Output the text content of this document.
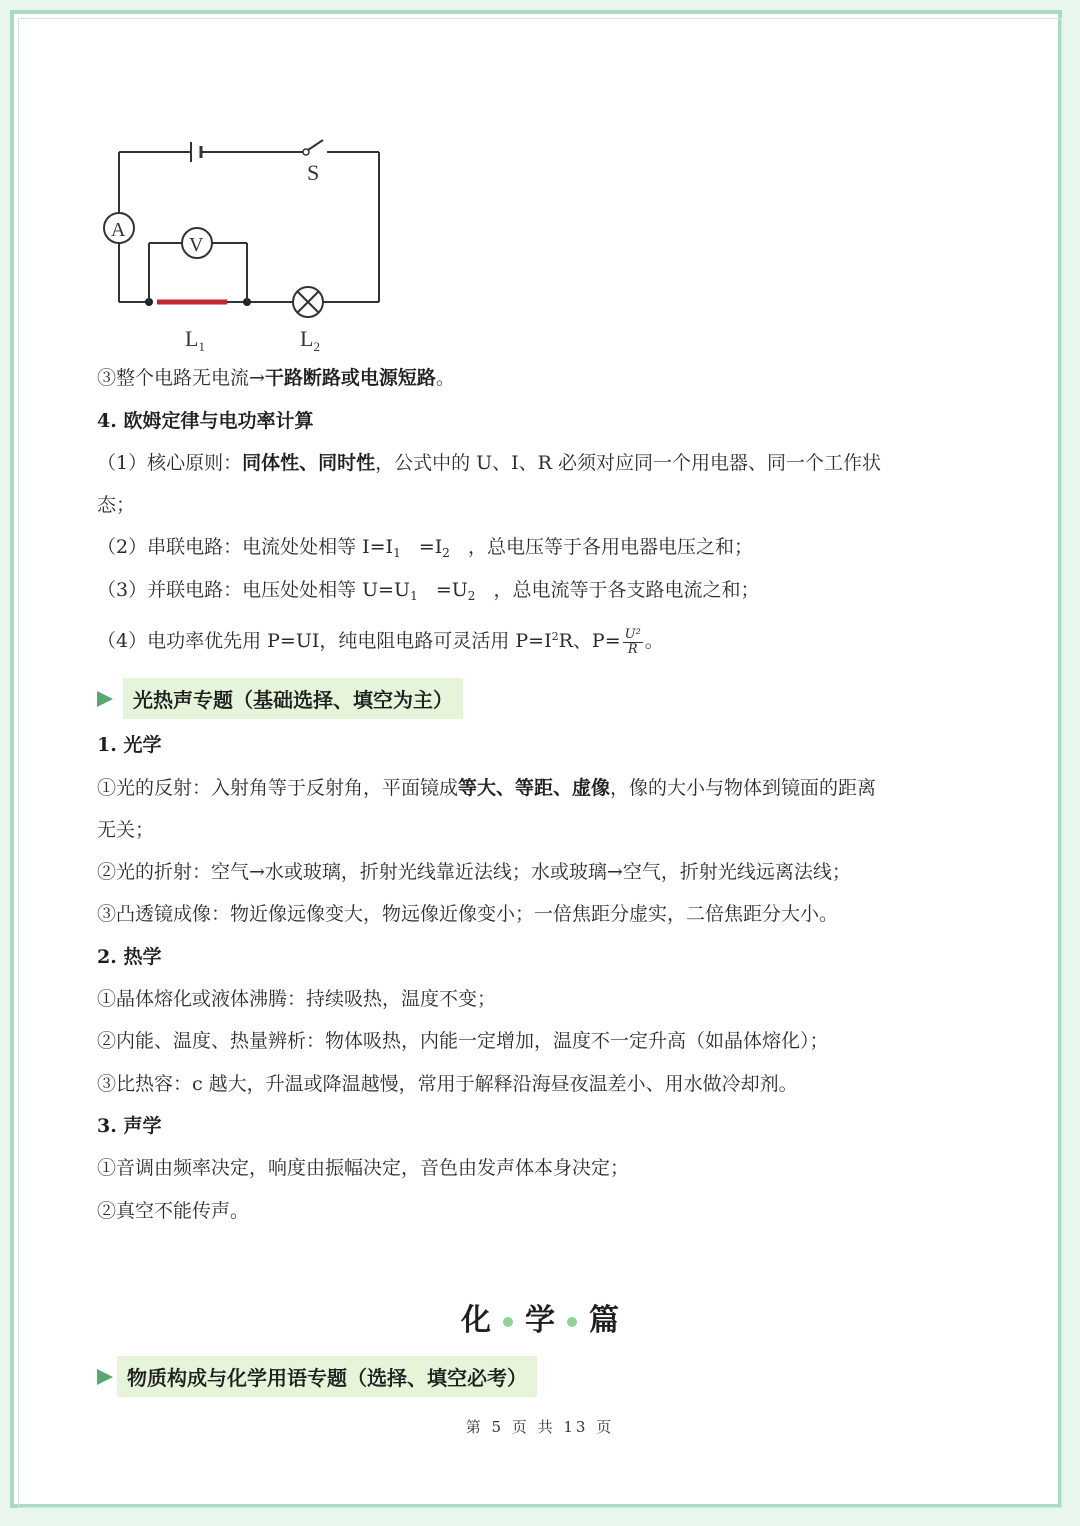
S
A
V
$L_1$	$L_2$
③整个电路无电流→干路断路或电源短路。
4. 欧姆定律与电功率计算
（1）核心原则：同体性、同时性，公式中的 U、I、R 必须对应同一个用电器、同一个工作状
态；
（2）串联电路：电流处处相等 $I=I_1 =I_2$ ，总电压等于各用电器电压之和；
（3）并联电路：电压处处相等 $U=U_1 =U_2$ ，总电流等于各支路电流之和；
（4）电功率优先用 P=UI，纯电阻电路可灵活用 $P=I^2R$、$P= \frac{\text{U²}}{R}$ 。
光热声专题（基础选择、填空为主）
1. 光学
①光的反射：入射角等于反射角，平面镜成等大、等距、虚像，像的大小与物体到镜面的距离
无关；
②光的折射：空气→水或玻璃，折射光线靠近法线；水或玻璃→空气，折射光线远离法线；
③凸透镜成像：物近像远像变大，物远像近像变小；一倍焦距分虚实，二倍焦距分大小。
2. 热学
①晶体熔化或液体沸腾：持续吸热，温度不变；
②内能、温度、热量辨析：物体吸热，内能一定增加，温度不一定升高（如晶体熔化）；
③比热容：c 越大，升温或降温越慢，常用于解释沿海昼夜温差小、用水做冷却剂。
3. 声学
①音调由频率决定，响度由振幅决定，音色由发声体本身决定；
②真空不能传声。
化 学 篇
物质构成与化学用语专题（选择、填空必考）
第 5 页 共 13 页
